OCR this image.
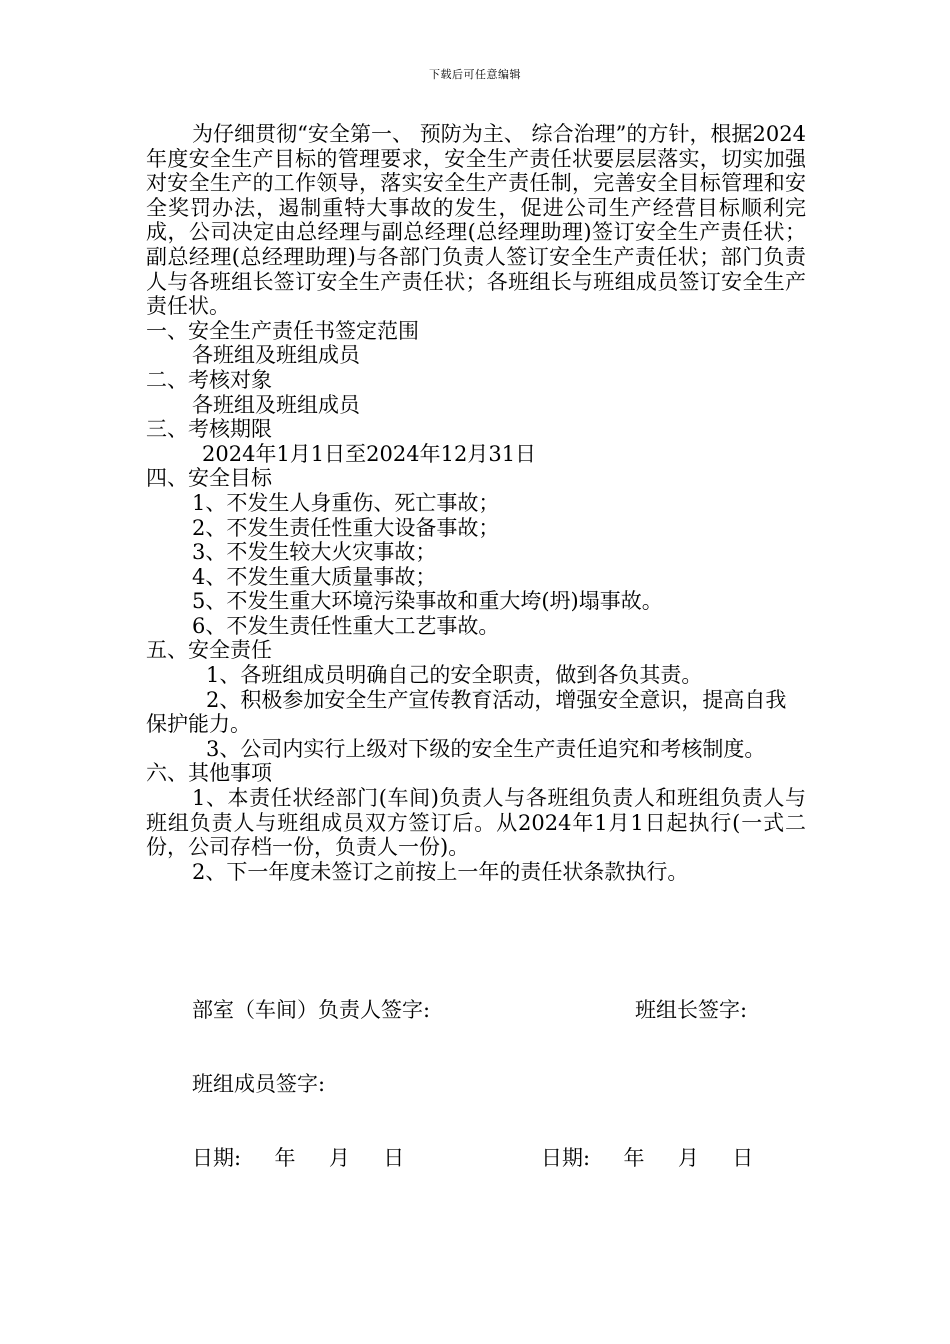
下载后可任意编辑

为仔细贯彻“安全第一、 预防为主、 综合治理”的方针，根据2024年度安全生产目标的管理要求，安全生产责任状要层层落实，切实加强对安全生产的工作领导，落实安全生产责任制，完善安全目标管理和安全奖罚办法，遏制重特大事故的发生，促进公司生产经营目标顺利完成，公司决定由总经理与副总经理(总经理助理)签订安全生产责任状；副总经理(总经理助理)与各部门负责人签订安全生产责任状；部门负责人与各班组长签订安全生产责任状；各班组长与班组成员签订安全生产责任状。

一、安全生产责任书签定范围

各班组及班组成员

二、考核对象

各班组及班组成员

三、考核期限

2024年1月1日至2024年12月31日

四、安全目标

1、不发生人身重伤、死亡事故；

2、不发生责任性重大设备事故；

3、不发生较大火灾事故；

4、不发生重大质量事故；

5、不发生重大环境污染事故和重大垮(坍)塌事故。

6、不发生责任性重大工艺事故。

五、安全责任

1、各班组成员明确自己的安全职责，做到各负其责。

2、积极参加安全生产宣传教育活动，增强安全意识，提高自我保护能力。

3、公司内实行上级对下级的安全生产责任追究和考核制度。

六、其他事项

1、本责任状经部门(车间)负责人与各班组负责人和班组负责人与班组负责人与班组成员双方签订后。从2024年1月1日起执行(一式二份，公司存档一份，负责人一份)。

2、下一年度未签订之前按上一年的责任状条款执行。

部室（车间）负责人签字:	班组长签字:
班组成员签字:
日期:     年     月     日	日期:     年     月     日
